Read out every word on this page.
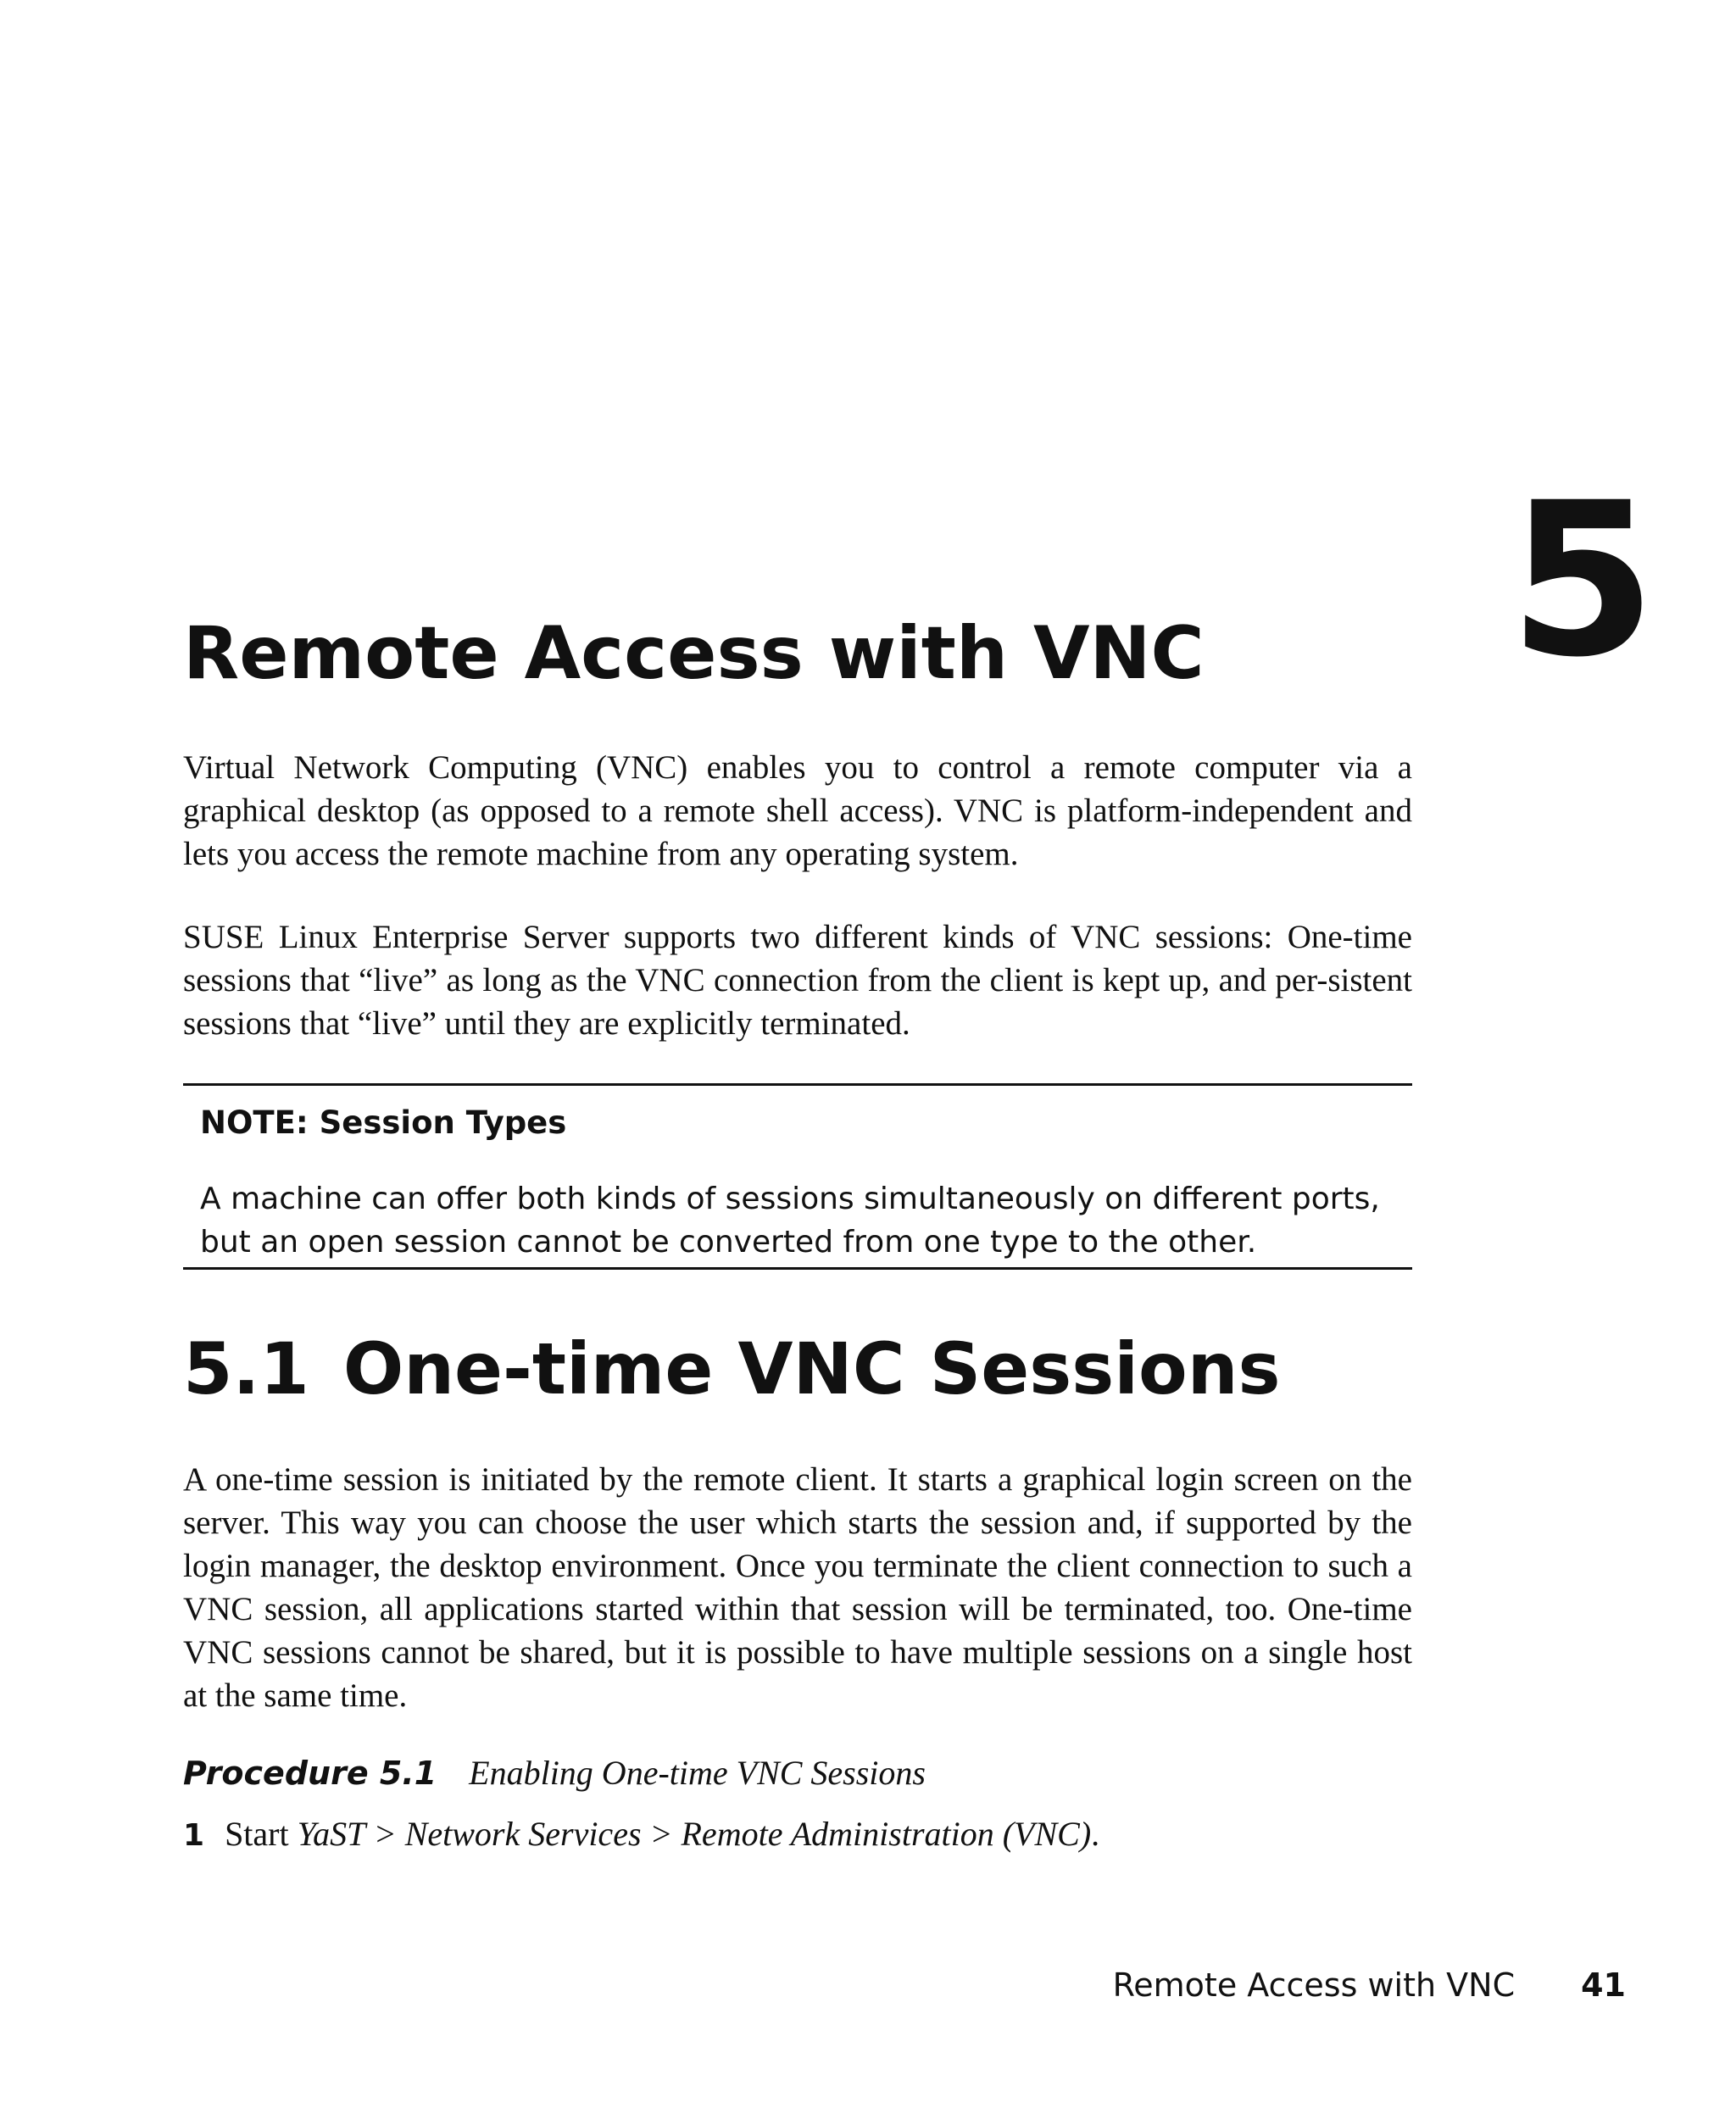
5
Remote Access with VNC

Virtual Network Computing (VNC) enables you to control a remote computer via a graphical desktop (as opposed to a remote shell access). VNC is platform-independent and lets you access the remote machine from any operating system.

SUSE Linux Enterprise Server supports two different kinds of VNC sessions: One-time sessions that “live” as long as the VNC connection from the client is kept up, and per-sistent sessions that “live” until they are explicitly terminated.

NOTE: Session Types

A machine can offer both kinds of sessions simultaneously on different ports, but an open session cannot be converted from one type to the other.

5.1 One-time VNC Sessions

A one-time session is initiated by the remote client. It starts a graphical login screen on the server. This way you can choose the user which starts the session and, if supported by the login manager, the desktop environment. Once you terminate the client connection to such a VNC session, all applications started within that session will be terminated, too. One-time VNC sessions cannot be shared, but it is possible to have multiple sessions on a single host at the same time.

Procedure 5.1 Enabling One-time VNC Sessions

1 Start YaST > Network Services > Remote Administration (VNC).

Remote Access with VNC 41
